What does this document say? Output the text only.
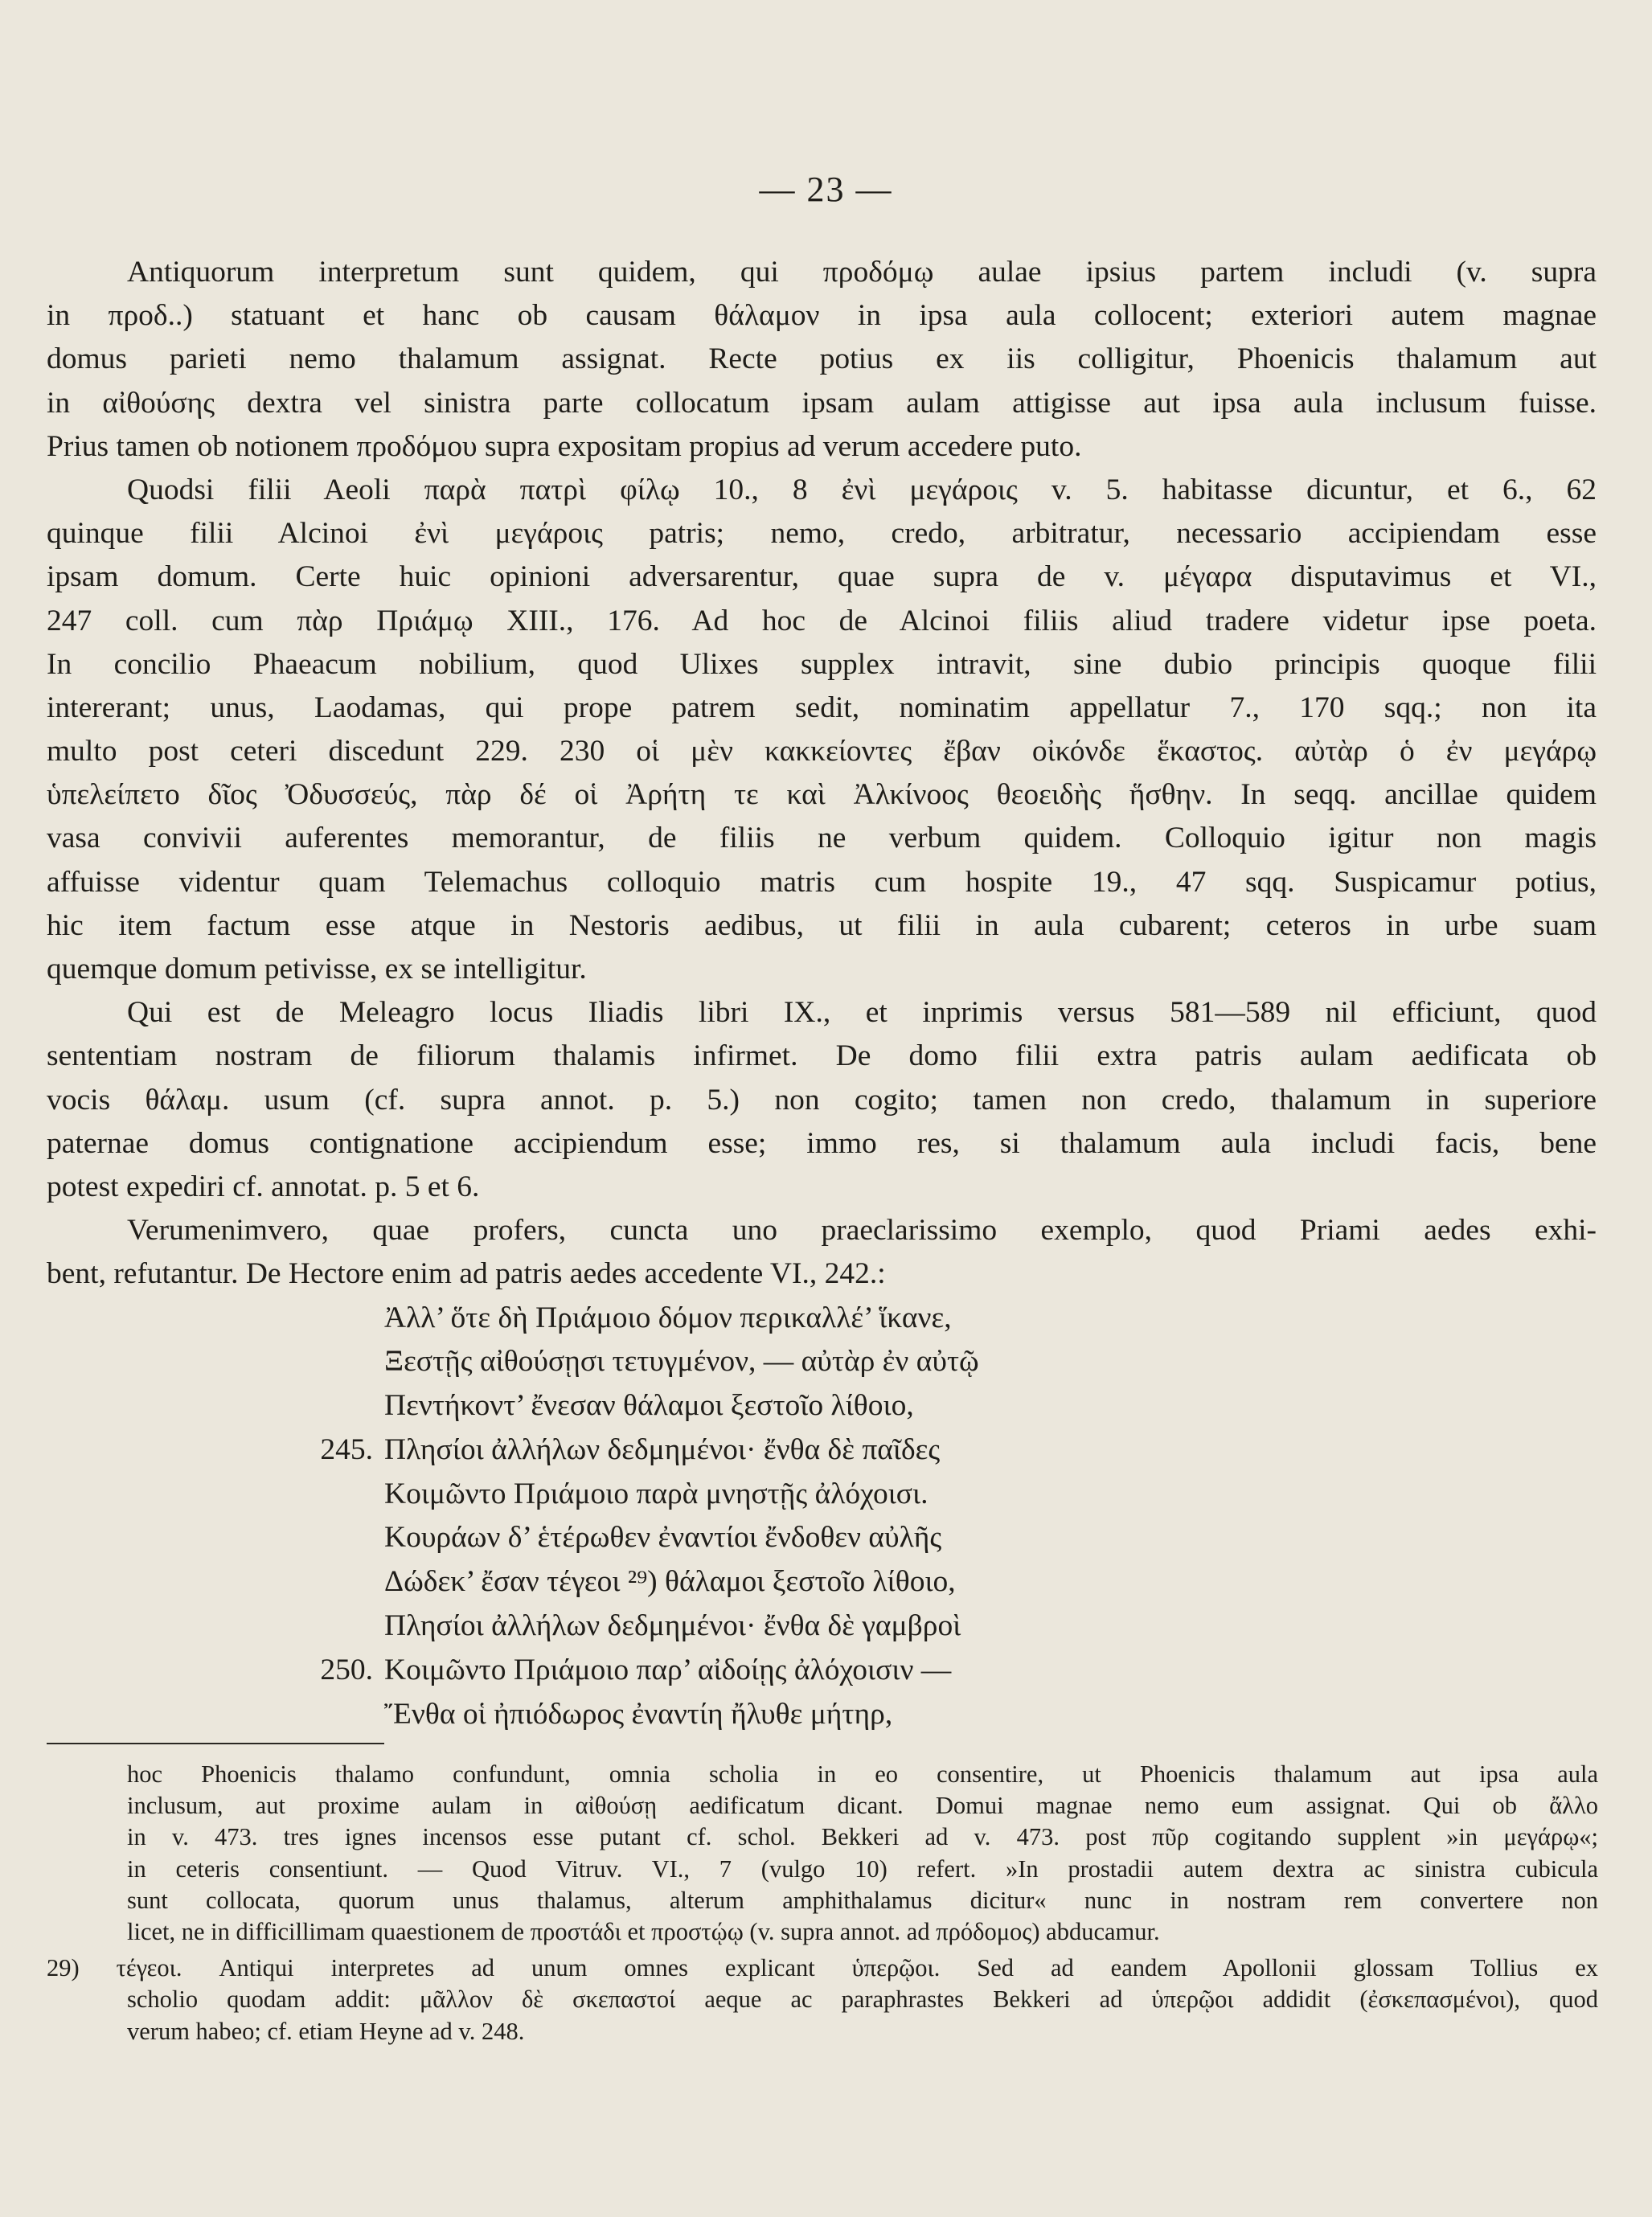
— 23 —
Antiquorum interpretum sunt quidem, qui προδόμῳ aulae ipsius partem includi (v. supra
in προδ..) statuant et hanc ob causam θάλαμον in ipsa aula collocent; exteriori autem magnae
domus parieti nemo thalamum assignat. Recte potius ex iis colligitur, Phoenicis thalamum aut
in αἰθούσης dextra vel sinistra parte collocatum ipsam aulam attigisse aut ipsa aula inclusum fuisse.
Prius tamen ob notionem προδόμου supra expositam propius ad verum accedere puto.
Quodsi filii Aeoli παρὰ πατρὶ φίλῳ 10., 8 ἐνὶ μεγάροις v. 5. habitasse dicuntur, et 6., 62
quinque filii Alcinoi ἐνὶ μεγάροις patris; nemo, credo, arbitratur, necessario accipiendam esse
ipsam domum. Certe huic opinioni adversarentur, quae supra de v. μέγαρα disputavimus et VI.,
247 coll. cum πὰρ Πριάμῳ XIII., 176. Ad hoc de Alcinoi filiis aliud tradere videtur ipse poeta.
In concilio Phaeacum nobilium, quod Ulixes supplex intravit, sine dubio principis quoque filii
intererant; unus, Laodamas, qui prope patrem sedit, nominatim appellatur 7., 170 sqq.; non ita
multo post ceteri discedunt 229. 230 οἱ μὲν κακκείοντες ἔβαν οἰκόνδε ἕκαστος. αὐτὰρ ὁ ἐν μεγάρῳ
ὑπελείπετο δῖος Ὀδυσσεύς, πὰρ δέ οἱ Ἀρήτη τε καὶ Ἀλκίνοος θεοειδὴς ἥσθην. In seqq. ancillae quidem
vasa convivii auferentes memorantur, de filiis ne verbum quidem. Colloquio igitur non magis
affuisse videntur quam Telemachus colloquio matris cum hospite 19., 47 sqq. Suspicamur potius,
hic item factum esse atque in Nestoris aedibus, ut filii in aula cubarent; ceteros in urbe suam
quemque domum petivisse, ex se intelligitur.
Qui est de Meleagro locus Iliadis libri IX., et inprimis versus 581—589 nil efficiunt, quod
sententiam nostram de filiorum thalamis infirmet. De domo filii extra patris aulam aedificata ob
vocis θάλαμ. usum (cf. supra annot. p. 5.) non cogito; tamen non credo, thalamum in superiore
paternae domus contignatione accipiendum esse; immo res, si thalamum aula includi facis, bene
potest expediri cf. annotat. p. 5 et 6.
Verumenimvero, quae profers, cuncta uno praeclarissimo exemplo, quod Priami aedes exhi-
bent, refutantur. De Hectore enim ad patris aedes accedente VI., 242.:
Ἀλλ’ ὅτε δὴ Πριάμοιο δόμον περικαλλέ’ ἵκανε,
Ξεστῇς αἰθούσῃσι τετυγμένον, — αὐτὰρ ἐν αὐτῷ
Πεντήκοντ’ ἔνεσαν θάλαμοι ξεστοῖο λίθοιο,
245. Πλησίοι ἀλλήλων δεδμημένοι· ἔνθα δὲ παῖδες
Κοιμῶντο Πριάμοιο παρὰ μνηστῇς ἀλόχοισι.
Κουράων δ’ ἑτέρωθεν ἐναντίοι ἔνδοθεν αὐλῆς
Δώδεκ’ ἔσαν τέγεοι ²⁹) θάλαμοι ξεστοῖο λίθοιο,
Πλησίοι ἀλλήλων δεδμημένοι· ἔνθα δὲ γαμβροὶ
250. Κοιμῶντο Πριάμοιο παρ’ αἰδοίῃς ἀλόχοισιν —
Ἔνθα οἱ ἠπιόδωρος ἐναντίη ἤλυθε μήτηρ,
hoc Phoenicis thalamo confundunt, omnia scholia in eo consentire, ut Phoenicis thalamum aut ipsa aula
inclusum, aut proxime aulam in αἰθούσῃ aedificatum dicant. Domui magnae nemo eum assignat. Qui ob ἄλλο
in v. 473. tres ignes incensos esse putant cf. schol. Bekkeri ad v. 473. post πῦρ cogitando supplent »in μεγάρῳ«;
in ceteris consentiunt. — Quod Vitruv. VI., 7 (vulgo 10) refert. »In prostadii autem dextra ac sinistra cubicula
sunt collocata, quorum unus thalamus, alterum amphithalamus dicitur« nunc in nostram rem convertere non
licet, ne in difficillimam quaestionem de προστάδι et προστῴῳ (v. supra annot. ad πρόδομος) abducamur.
29) τέγεοι. Antiqui interpretes ad unum omnes explicant ὑπερῷοι. Sed ad eandem Apollonii glossam Tollius ex
scholio quodam addit: μᾶλλον δὲ σκεπαστοί aeque ac paraphrastes Bekkeri ad ὑπερῷοι addidit (ἐσκεπασμένοι), quod
verum habeo; cf. etiam Heyne ad v. 248.
